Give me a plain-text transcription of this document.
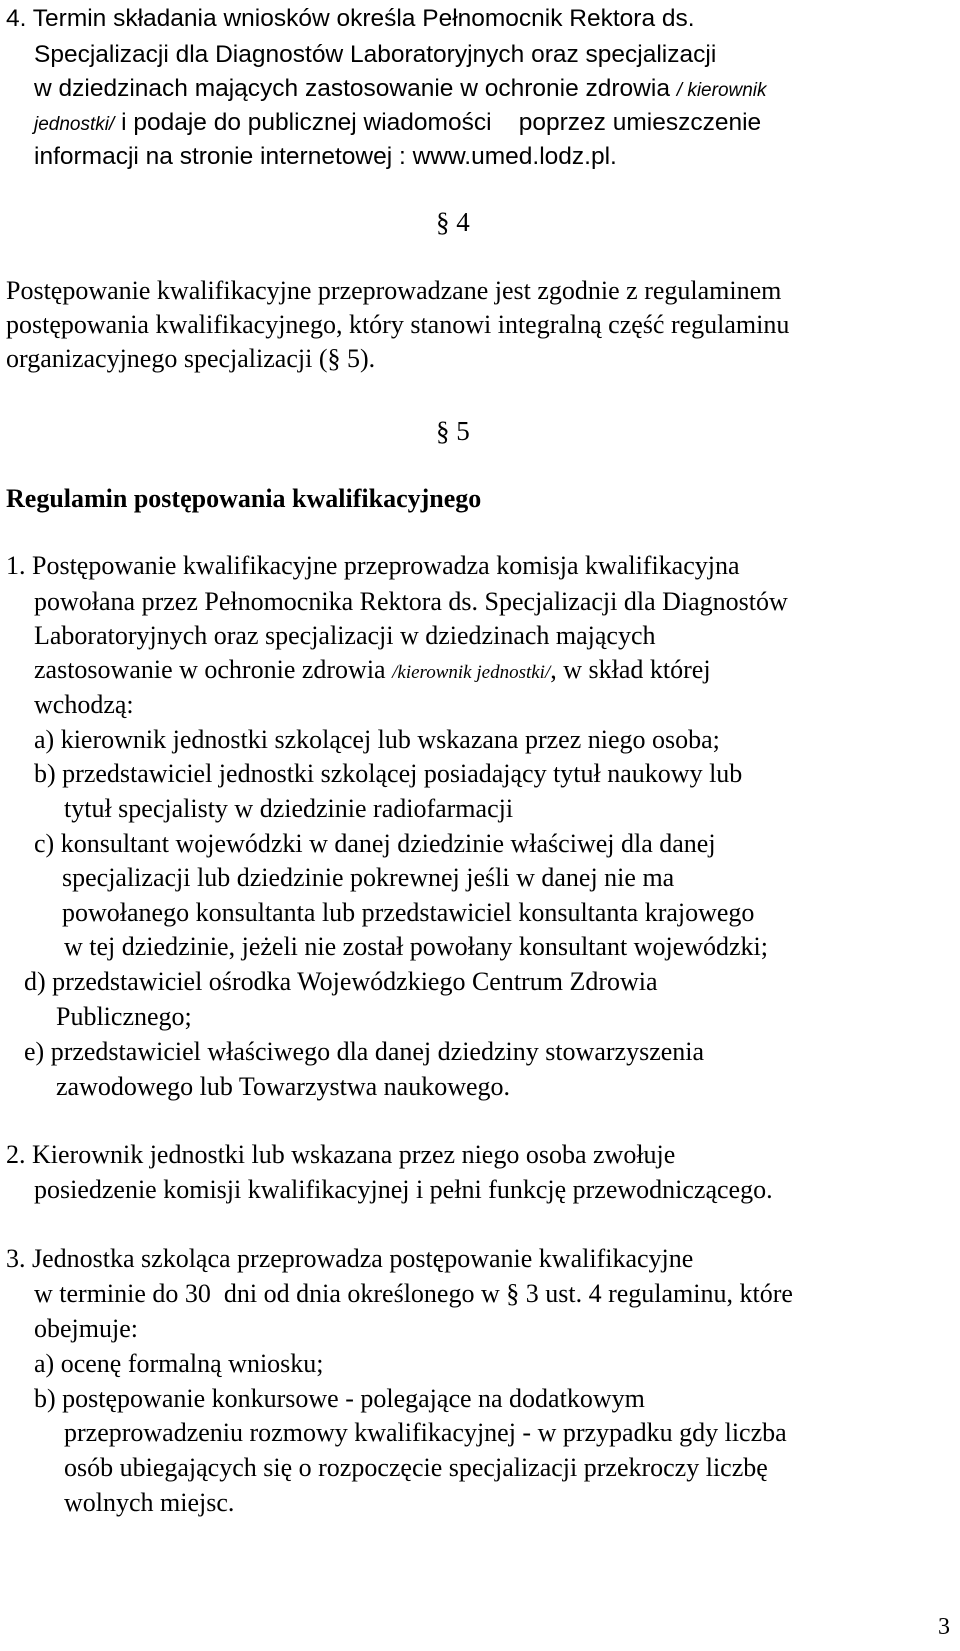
4. Termin składania wniosków określa Pełnomocnik Rektora ds.
Specjalizacji dla Diagnostów Laboratoryjnych oraz specjalizacji
w dziedzinach mających zastosowanie w ochronie zdrowia / kierownik
jednostki/ i podaje do publicznej wiadomości    poprzez umieszczenie
informacji na stronie internetowej : www.umed.lodz.pl.
§ 4
Postępowanie kwalifikacyjne przeprowadzane jest zgodnie z regulaminem
postępowania kwalifikacyjnego, który stanowi integralną część regulaminu
organizacyjnego specjalizacji (§ 5).
§ 5
Regulamin postępowania kwalifikacyjnego
1. Postępowanie kwalifikacyjne przeprowadza komisja kwalifikacyjna
powołana przez Pełnomocnika Rektora ds. Specjalizacji dla Diagnostów
Laboratoryjnych oraz specjalizacji w dziedzinach mających
zastosowanie w ochronie zdrowia /kierownik jednostki/, w skład której
wchodzą:
a) kierownik jednostki szkolącej lub wskazana przez niego osoba;
b) przedstawiciel jednostki szkolącej posiadający tytuł naukowy lub
tytuł specjalisty w dziedzinie radiofarmacji
c) konsultant wojewódzki w danej dziedzinie właściwej dla danej
specjalizacji lub dziedzinie pokrewnej jeśli w danej nie ma
powołanego konsultanta lub przedstawiciel konsultanta krajowego
w tej dziedzinie, jeżeli nie został powołany konsultant wojewódzki;
d) przedstawiciel ośrodka Wojewódzkiego Centrum Zdrowia
Publicznego;
e) przedstawiciel właściwego dla danej dziedziny stowarzyszenia
zawodowego lub Towarzystwa naukowego.
2. Kierownik jednostki lub wskazana przez niego osoba zwołuje
posiedzenie komisji kwalifikacyjnej i pełni funkcję przewodniczącego.
3. Jednostka szkoląca przeprowadza postępowanie kwalifikacyjne
w terminie do 30  dni od dnia określonego w § 3 ust. 4 regulaminu, które
obejmuje:
a) ocenę formalną wniosku;
b) postępowanie konkursowe - polegające na dodatkowym
przeprowadzeniu rozmowy kwalifikacyjnej - w przypadku gdy liczba
osób ubiegających się o rozpoczęcie specjalizacji przekroczy liczbę
wolnych miejsc.
3
